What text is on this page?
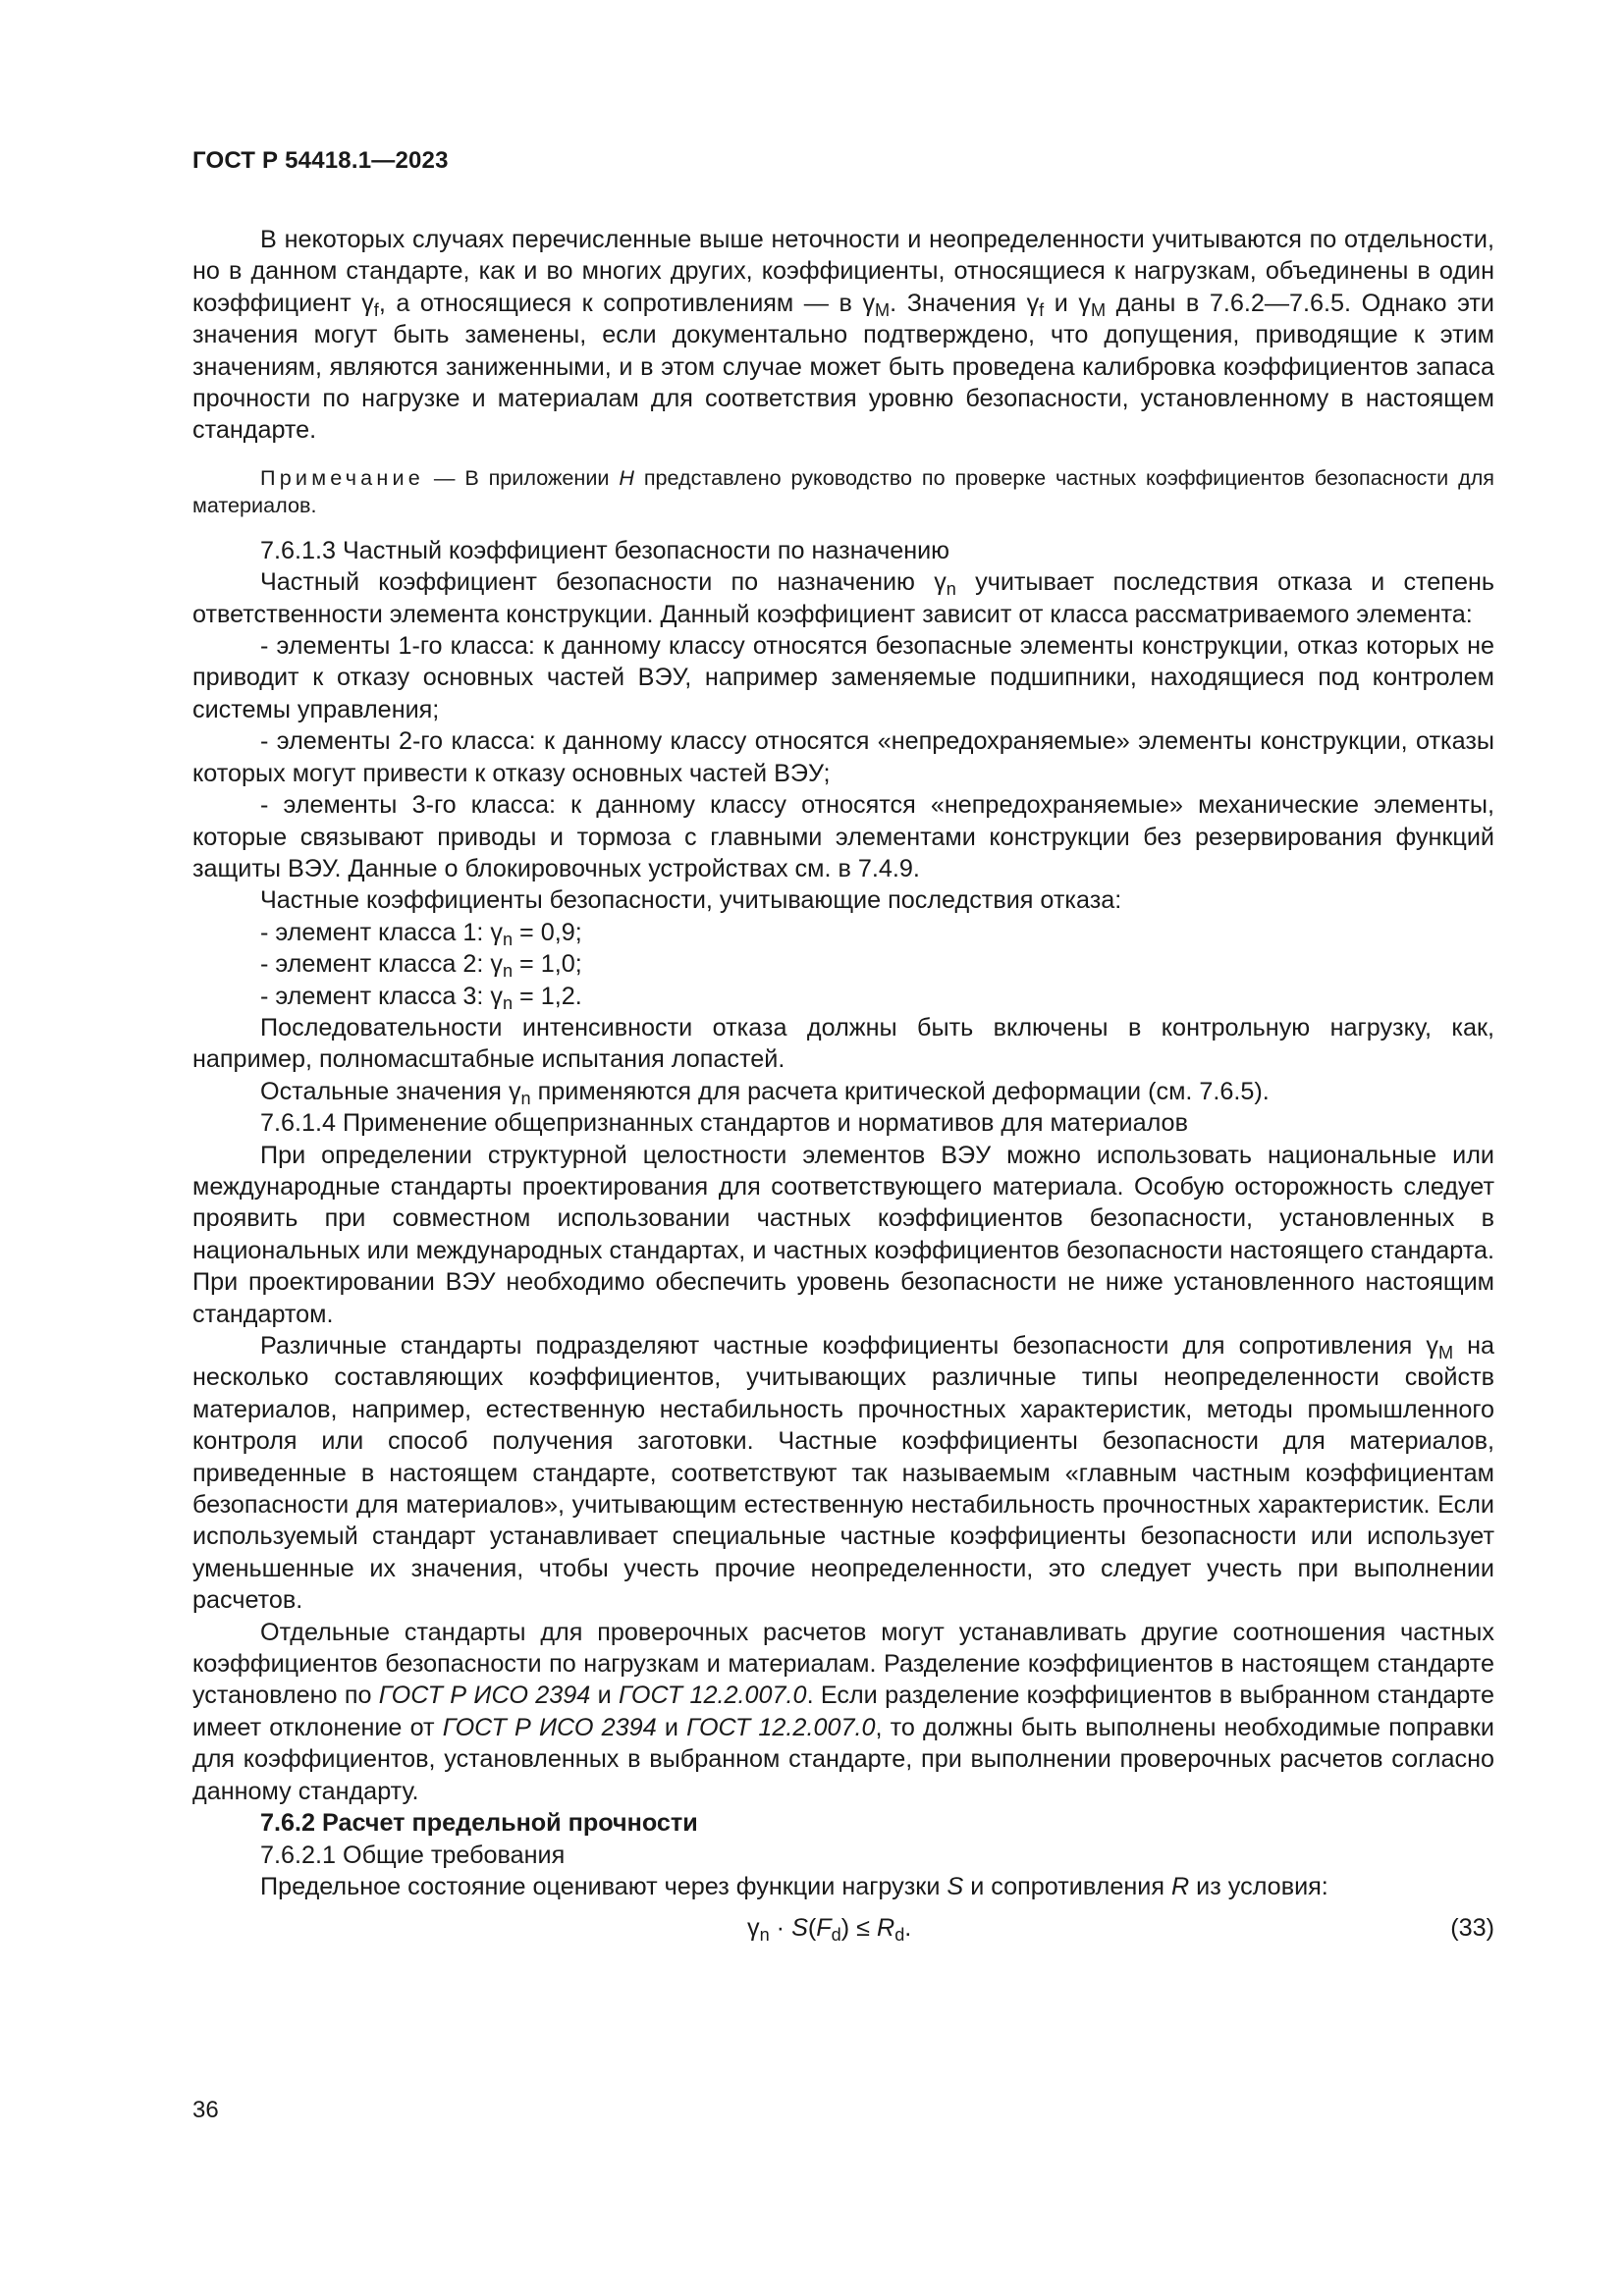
ГОСТ Р 54418.1—2023

В некоторых случаях перечисленные выше неточности и неопределенности учитываются по отдельности, но в данном стандарте, как и во многих других, коэффициенты, относящиеся к нагрузкам, объединены в один коэффициент $\gamma_f$, а относящиеся к сопротивлениям — в $\gamma_M$. Значения $\gamma_f$ и $\gamma_M$ даны в 7.6.2—7.6.5. Однако эти значения могут быть заменены, если документально подтверждено, что допущения, приводящие к этим значениям, являются заниженными, и в этом случае может быть проведена калибровка коэффициентов запаса прочности по нагрузке и материалам для соответствия уровню безопасности, установленному в настоящем стандарте.

Примечание — В приложении Н представлено руководство по проверке частных коэффициентов безопасности для материалов.

7.6.1.3 Частный коэффициент безопасности по назначению

Частный коэффициент безопасности по назначению $\gamma_n$ учитывает последствия отказа и степень ответственности элемента конструкции. Данный коэффициент зависит от класса рассматриваемого элемента:

- элементы 1-го класса: к данному классу относятся безопасные элементы конструкции, отказ которых не приводит к отказу основных частей ВЭУ, например заменяемые подшипники, находящиеся под контролем системы управления;

- элементы 2-го класса: к данному классу относятся «непредохраняемые» элементы конструкции, отказы которых могут привести к отказу основных частей ВЭУ;

- элементы 3-го класса: к данному классу относятся «непредохраняемые» механические элементы, которые связывают приводы и тормоза с главными элементами конструкции без резервирования функций защиты ВЭУ. Данные о блокировочных устройствах см. в 7.4.9.

Частные коэффициенты безопасности, учитывающие последствия отказа:

- элемент класса 1: $\gamma_n = 0,9$;

- элемент класса 2: $\gamma_n = 1,0$;

- элемент класса 3: $\gamma_n = 1,2$.

Последовательности интенсивности отказа должны быть включены в контрольную нагрузку, как, например, полномасштабные испытания лопастей.

Остальные значения $\gamma_n$ применяются для расчета критической деформации (см. 7.6.5).

7.6.1.4 Применение общепризнанных стандартов и нормативов для материалов

При определении структурной целостности элементов ВЭУ можно использовать национальные или международные стандарты проектирования для соответствующего материала. Особую осторожность следует проявить при совместном использовании частных коэффициентов безопасности, установленных в национальных или международных стандартах, и частных коэффициентов безопасности настоящего стандарта. При проектировании ВЭУ необходимо обеспечить уровень безопасности не ниже установленного настоящим стандартом.

Различные стандарты подразделяют частные коэффициенты безопасности для сопротивления $\gamma_M$ на несколько составляющих коэффициентов, учитывающих различные типы неопределенности свойств материалов, например, естественную нестабильность прочностных характеристик, методы промышленного контроля или способ получения заготовки. Частные коэффициенты безопасности для материалов, приведенные в настоящем стандарте, соответствуют так называемым «главным частным коэффициентам безопасности для материалов», учитывающим естественную нестабильность прочностных характеристик. Если используемый стандарт устанавливает специальные частные коэффициенты безопасности или использует уменьшенные их значения, чтобы учесть прочие неопределенности, это следует учесть при выполнении расчетов.

Отдельные стандарты для проверочных расчетов могут устанавливать другие соотношения частных коэффициентов безопасности по нагрузкам и материалам. Разделение коэффициентов в настоящем стандарте установлено по ГОСТ Р ИСО 2394 и ГОСТ 12.2.007.0. Если разделение коэффициентов в выбранном стандарте имеет отклонение от ГОСТ Р ИСО 2394 и ГОСТ 12.2.007.0, то должны быть выполнены необходимые поправки для коэффициентов, установленных в выбранном стандарте, при выполнении проверочных расчетов согласно данному стандарту.

7.6.2 Расчет предельной прочности

7.6.2.1 Общие требования

Предельное состояние оценивают через функции нагрузки S и сопротивления R из условия:

$\gamma_n \cdot S(F_d) \le R_d$.	(33)
36
